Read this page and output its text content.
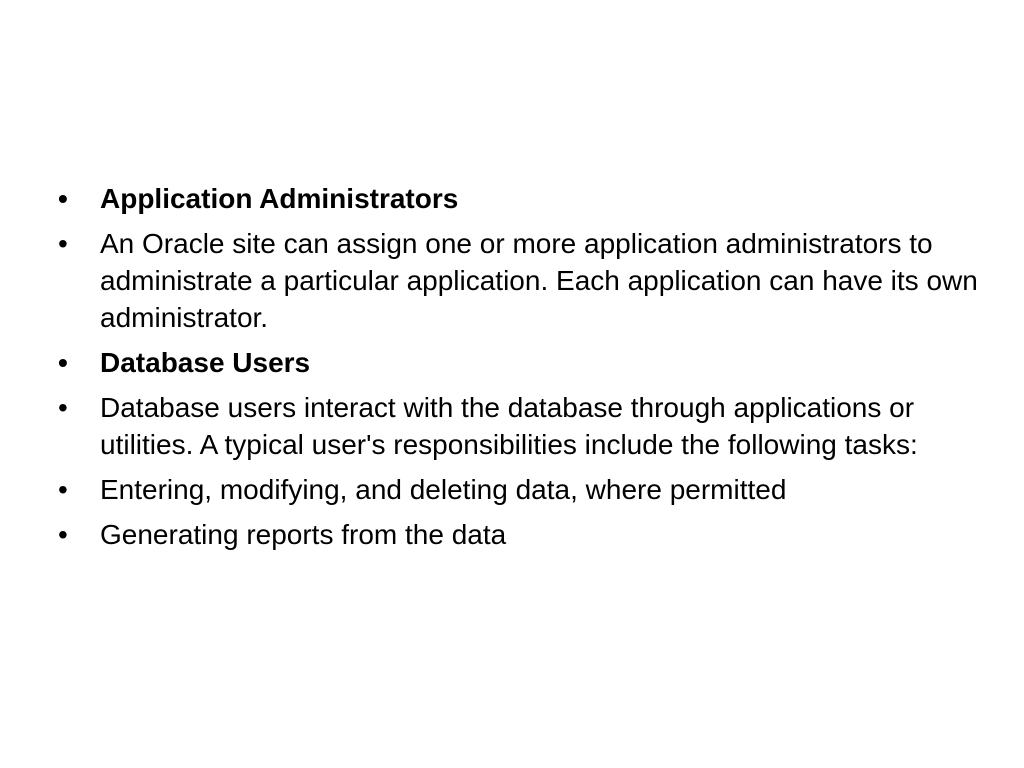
• Application Administrators
• An Oracle site can assign one or more application administrators to administrate a particular application. Each application can have its own administrator.
• Database Users
• Database users interact with the database through applications or utilities. A typical user's responsibilities include the following tasks:
• Entering, modifying, and deleting data, where permitted
• Generating reports from the data
